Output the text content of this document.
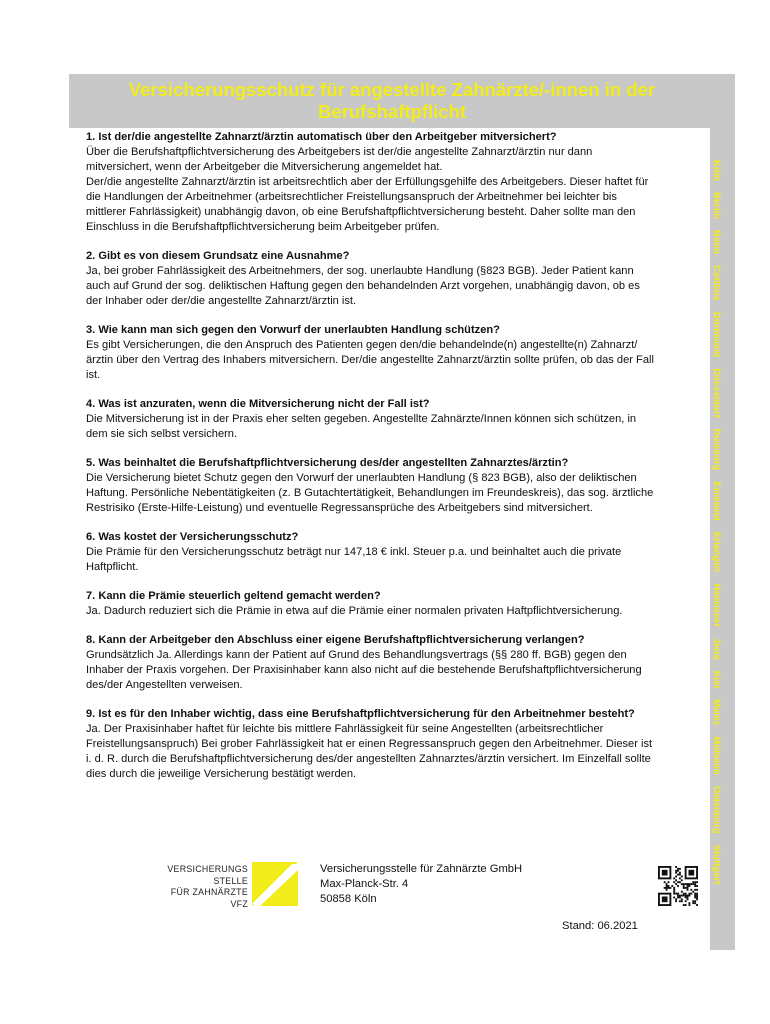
Versicherungsschutz für angestellte Zahnärzte/-innen in der Berufshaftpflicht
KölnBerlinBonnCottbusDortmundDüsseldorfDuisburgEmslandErlangenHannoverJenaKielMainzMülheimOldenburgStuttgart

1. Ist der/die angestellte Zahnarzt/ärztin automatisch über den Arbeitgeber mitversichert?

Über die Berufshaftpflichtversicherung des Arbeitgebers ist der/die angestellte Zahnarzt/ärztin nur dann mitversichert, wenn der Arbeitgeber die Mitversicherung angemeldet hat.
Der/die angestellte Zahnarzt/ärztin ist arbeitsrechtlich aber der Erfüllungsgehilfe des Arbeitgebers. Dieser haftet für die Handlungen der Arbeitnehmer (arbeitsrechtlicher Freistellungsanspruch der Arbeitnehmer bei leichter bis mittlerer Fahrlässigkeit) unabhängig davon, ob eine Berufshaftpflichtversicherung besteht. Daher sollte man den Einschluss in die Berufshaftpflichtversicherung beim Arbeitgeber prüfen.

2. Gibt es von diesem Grundsatz eine Ausnahme?

Ja, bei grober Fahrlässigkeit des Arbeitnehmers, der sog. unerlaubte Handlung (§823 BGB). Jeder Patient kann auch auf Grund der sog. deliktischen Haftung gegen den behandelnden Arzt vorgehen, unabhängig davon, ob es der Inhaber oder der/die angestellte Zahnarzt/ärztin ist.

3. Wie kann man sich gegen den Vorwurf der unerlaubten Handlung schützen?

Es gibt Versicherungen, die den Anspruch des Patienten gegen den/die behandelnde(n) angestellte(n) Zahnarzt/ärztin über den Vertrag des Inhabers mitversichern. Der/die angestellte Zahnarzt/ärztin sollte prüfen, ob das der Fall ist.

4. Was ist anzuraten, wenn die Mitversicherung nicht der Fall ist?

Die Mitversicherung ist in der Praxis eher selten gegeben. Angestellte Zahnärzte/Innen können sich schützen, in dem sie sich selbst versichern.

5. Was beinhaltet die Berufshaftpflichtversicherung des/der angestellten Zahnarztes/ärztin?

Die Versicherung bietet Schutz gegen den Vorwurf der unerlaubten Handlung (§ 823 BGB), also der deliktischen Haftung. Persönliche Nebentätigkeiten (z. B Gutachtertätigkeit, Behandlungen im Freundeskreis), das sog. ärztliche Restrisiko (Erste-Hilfe-Leistung) und eventuelle Regressansprüche des Arbeitgebers sind mitversichert.

6. Was kostet der Versicherungsschutz?

Die Prämie für den Versicherungsschutz beträgt nur 147,18 € inkl. Steuer p.a. und beinhaltet auch die private Haftpflicht.

7. Kann die Prämie steuerlich geltend gemacht werden?

Ja. Dadurch reduziert sich die Prämie in etwa auf die Prämie einer normalen privaten Haftpflichtversicherung.

8. Kann der Arbeitgeber den Abschluss einer eigene Berufshaftpflichtversicherung verlangen?

Grundsätzlich Ja. Allerdings kann der Patient auf Grund des Behandlungsvertrags (§§ 280 ff. BGB) gegen den Inhaber der Praxis vorgehen. Der Praxisinhaber kann also nicht auf die bestehende Berufshaftpflichtversicherung des/der Angestellten verweisen.

9. Ist es für den Inhaber wichtig, dass eine Berufshaftpflichtversicherung für den Arbeitnehmer besteht?

Ja. Der Praxisinhaber haftet für leichte bis mittlere Fahrlässigkeit für seine Angestellten (arbeitsrechtlicher Freistellungsanspruch) Bei grober Fahrlässigkeit hat er einen Regressanspruch gegen den Arbeitnehmer. Dieser ist i. d. R. durch die Berufshaftpflichtversicherung des/der angestellten Zahnarztes/ärztin versichert. Im Einzelfall sollte dies durch die jeweilige Versicherung bestätigt werden.

VERSICHERUNGS
STELLE
FÜR ZAHNÄRZTE
VFZ
Versicherungsstelle für Zahnärzte GmbH
Max-Planck-Str. 4
50858 Köln
Stand: 06.2021
